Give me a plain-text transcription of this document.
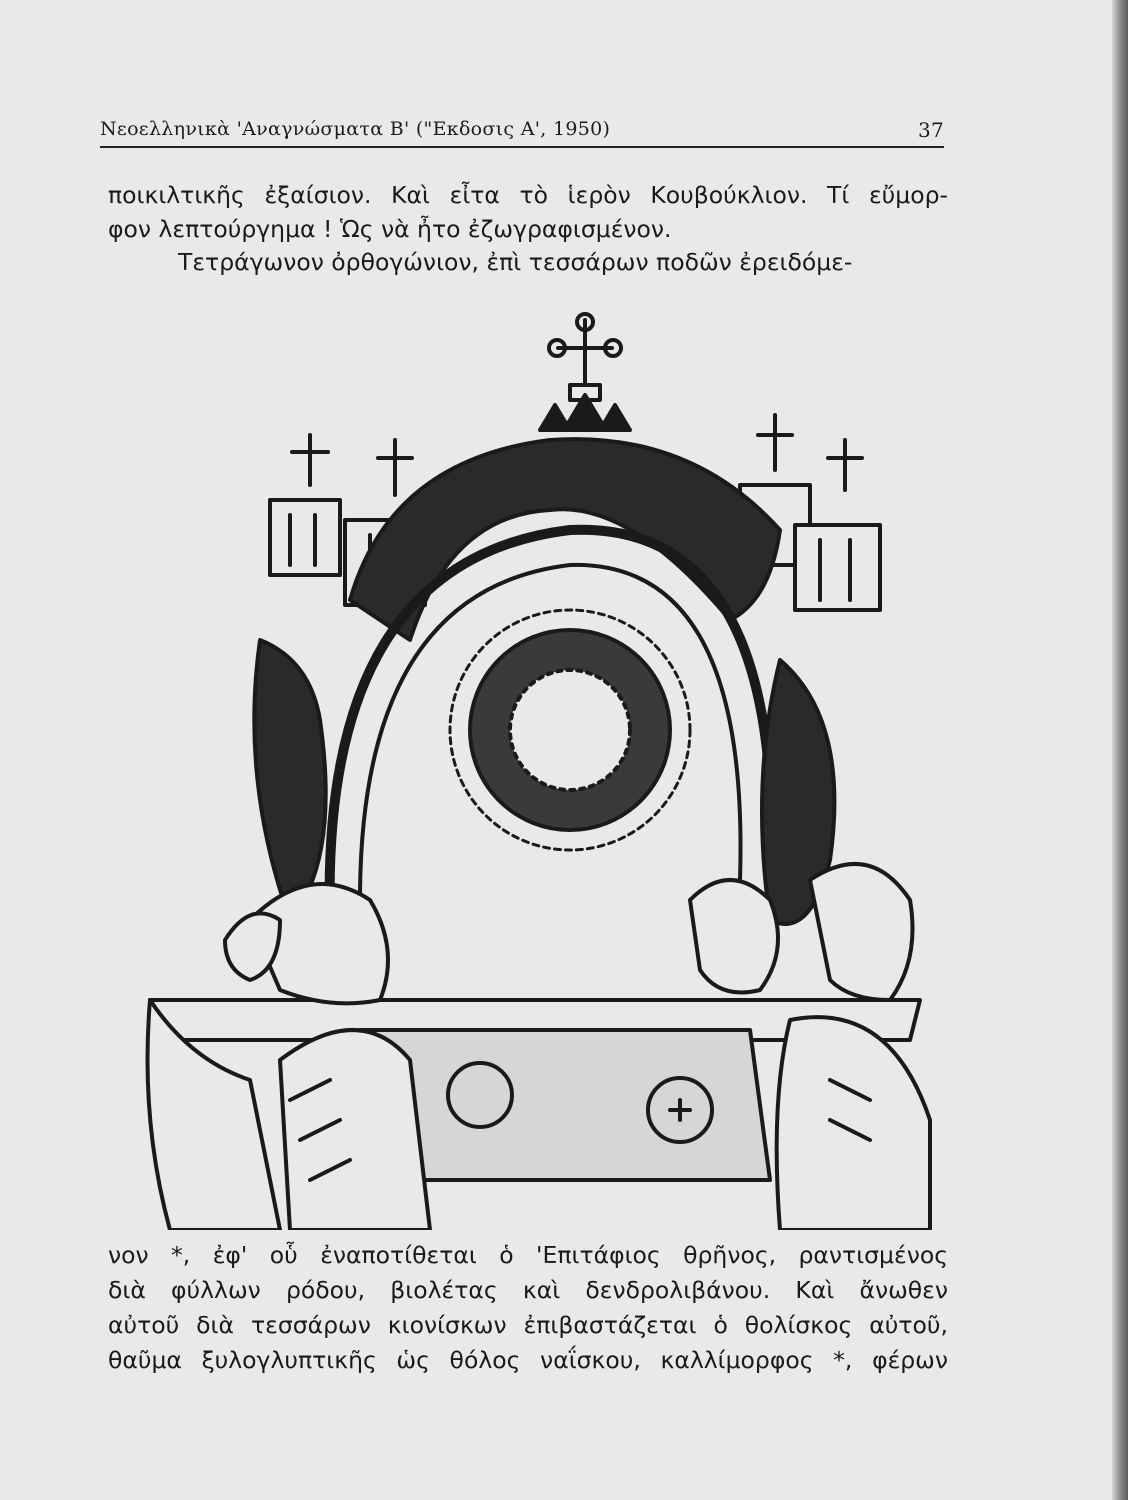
Νεοελληνικὰ 'Αναγνώσματα Β' ("Εκδοσις Α', 1950)	37
ποικιλτικῆς ἐξαίσιον. Καὶ εἶτα τὸ ἱερὸν Κουβούκλιον. Τί εὔμορ-
φον λεπτούργημα ! Ὡς νὰ ἦτο ἐζωγραφισμένον.
Τετράγωνον ὀρθογώνιον, ἐπὶ τεσσάρων ποδῶν ἐρειδόμε-
νον *, ἐφ' οὗ ἐναποτίθεται ὁ 'Επιτάφιος θρῆνος, ραντισμένος
διὰ φύλλων ρόδου, βιολέτας καὶ δενδρολιβάνου. Καὶ ἄνωθεν
αὐτοῦ διὰ τεσσάρων κιονίσκων ἐπιβαστάζεται ὁ θολίσκος αὐτοῦ,
θαῦμα ξυλογλυπτικῆς ὡς θόλος ναΐσκου, καλλίμορφος *, φέρων
